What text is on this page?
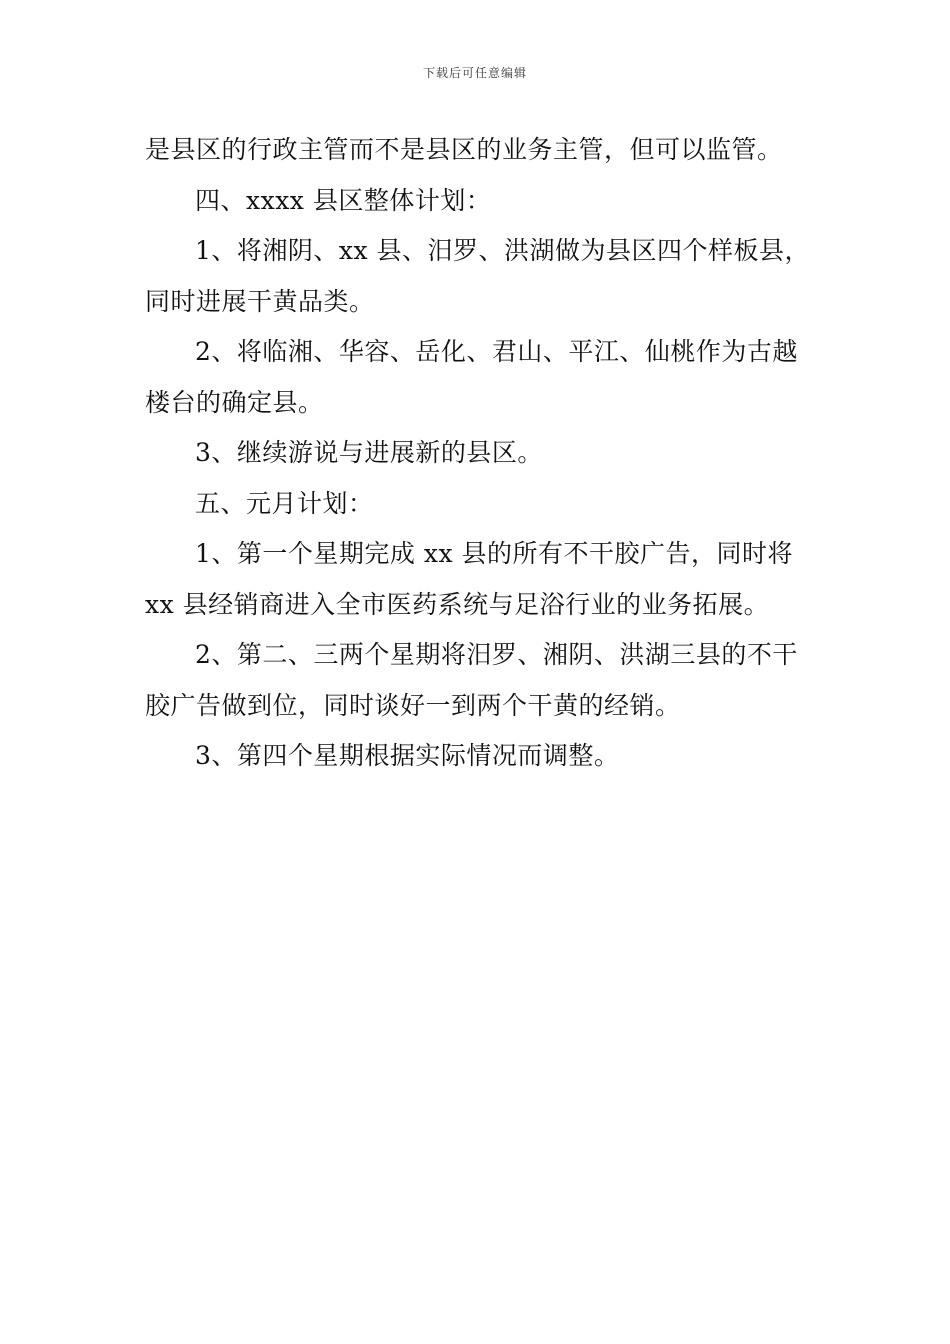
下载后可任意编辑

是县区的行政主管而不是县区的业务主管，但可以监管。

四、xxxx 县区整体计划：

1、将湘阴、xx 县、汨罗、洪湖做为县区四个样板县，

同时进展干黄品类。

2、将临湘、华容、岳化、君山、平江、仙桃作为古越

楼台的确定县。

3、继续游说与进展新的县区。

五、元月计划：

1、第一个星期完成 xx 县的所有不干胶广告，同时将

xx 县经销商进入全市医药系统与足浴行业的业务拓展。

2、第二、三两个星期将汨罗、湘阴、洪湖三县的不干

胶广告做到位，同时谈好一到两个干黄的经销。

3、第四个星期根据实际情况而调整。
